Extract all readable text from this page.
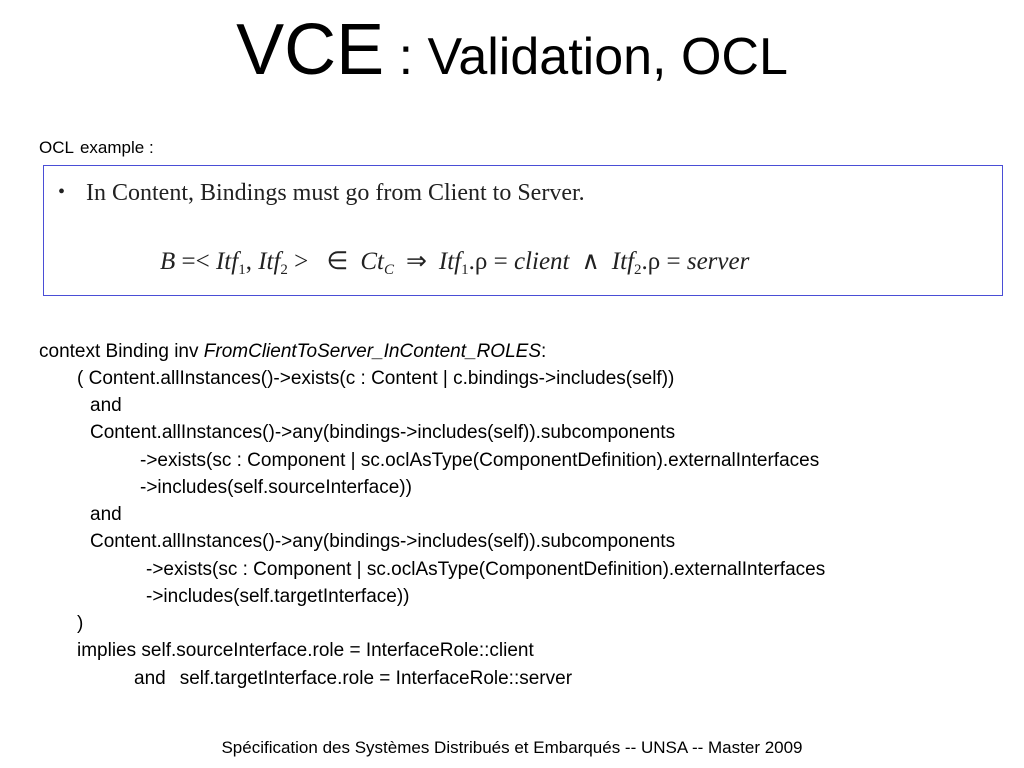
VCE : Validation, OCL
OCL example :
• In Content, Bindings must go from Client to Server.
B =< Itf$_1$, Itf$_2$ > ∈ $Ct_C$ ⇒ Itf$_1$.ρ = client ∧ Itf$_2$.ρ = server
context Binding inv FromClientToServer_InContent_ROLES:
( Content.allInstances()->exists(c : Content | c.bindings->includes(self))
and
Content.allInstances()->any(bindings->includes(self)).subcomponents
->exists(sc : Component | sc.oclAsType(ComponentDefinition).externalInterfaces
->includes(self.sourceInterface))
and
Content.allInstances()->any(bindings->includes(self)).subcomponents
->exists(sc : Component | sc.oclAsType(ComponentDefinition).externalInterfaces
->includes(self.targetInterface))
)
implies self.sourceInterface.role = InterfaceRole::client
and self.targetInterface.role = InterfaceRole::server
Spécification des Systèmes Distribués et Embarqués -- UNSA -- Master 2009
